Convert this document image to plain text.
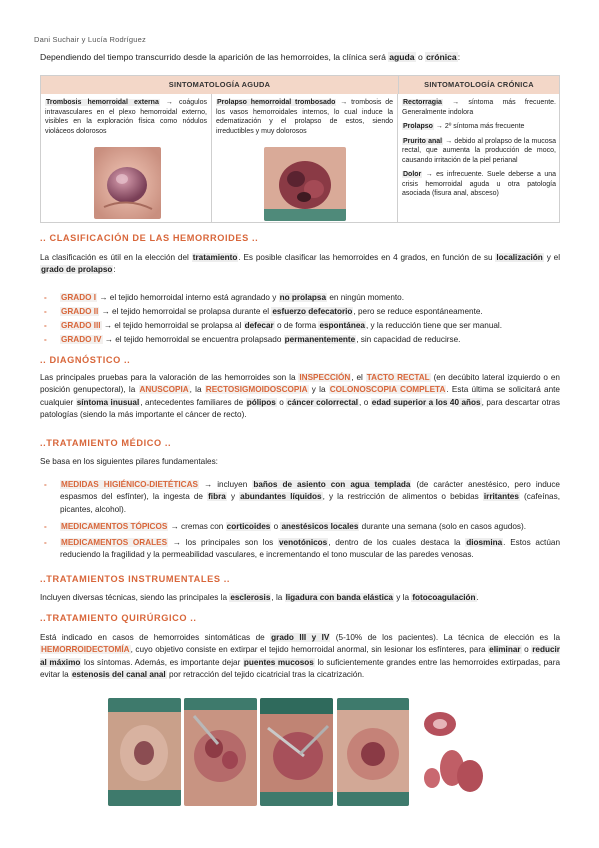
Dani Suchair y Lucía Rodríguez
Dependiendo del tiempo transcurrido desde la aparición de las hemorroides, la clínica será aguda o crónica:
SINTOMATOLOGÍA AGUDA	SINTOMATOLOGÍA CRÓNICA
Trombosis hemorroidal externa → coágulos intravasculares en el plexo hemorroidal externo, visibles en la exploración física como nódulos violáceos dolorosos
Prolapso hemorroidal trombosado → trombosis de los vasos hemorroidales internos, lo cual induce la edematización y el prolapso de estos, siendo irreductibles y muy dolorosos

Rectorragia → síntoma más frecuente. Generalmente indolora

Prolapso → 2º síntoma más frecuente

Prurito anal → debido al prolapso de la mucosa rectal, que aumenta la producción de moco, causando irritación de la piel perianal

Dolor → es infrecuente. Suele deberse a una crisis hemorroidal aguda u otra patología asociada (fisura anal, absceso)

.. CLASIFICACIÓN DE LAS HEMORROIDES ..
La clasificación es útil en la elección del tratamiento. Es posible clasificar las hemorroides en 4 grados, en función de su localización y el grado de prolapso:
- GRADO I → el tejido hemorroidal interno está agrandado y no prolapsa en ningún momento.
- GRADO II → el tejido hemorroidal se prolapsa durante el esfuerzo defecatorio, pero se reduce espontáneamente.
- GRADO III → el tejido hemorroidal se prolapsa al defecar o de forma espontánea, y la reducción tiene que ser manual.
- GRADO IV → el tejido hemorroidal se encuentra prolapsado permanentemente, sin capacidad de reducirse.
.. DIAGNÓSTICO ..
Las principales pruebas para la valoración de las hemorroides son la INSPECCIÓN, el TACTO RECTAL (en decúbito lateral izquierdo o en posición genupectoral), la ANUSCOPIA, la RECTOSIGMOIDOSCOPIA y la COLONOSCOPIA COMPLETA. Esta última se solicitará ante cualquier síntoma inusual, antecedentes familiares de pólipos o cáncer colorrectal, o edad superior a los 40 años, para descartar otras patologías (siendo la más importante el cáncer de recto).
..TRATAMIENTO MÉDICO ..
Se basa en los siguientes pilares fundamentales:
- MEDIDAS HIGIÉNICO-DIETÉTICAS → incluyen baños de asiento con agua templada (de carácter anestésico, pero induce espasmos del esfínter), la ingesta de fibra y abundantes líquidos, y la restricción de alimentos o bebidas irritantes (cafeínas, picantes, alcohol).
- MEDICAMENTOS TÓPICOS → cremas con corticoides o anestésicos locales durante una semana (solo en casos agudos).
- MEDICAMENTOS ORALES → los principales son los venotónicos, dentro de los cuales destaca la diosmina. Estos actúan reduciendo la fragilidad y la permeabilidad vasculares, e incrementando el tono muscular de las paredes venosas.
..TRATAMIENTOS INSTRUMENTALES ..
Incluyen diversas técnicas, siendo las principales la esclerosis, la ligadura con banda elástica y la fotocoagulación.
..TRATAMIENTO QUIRÚRGICO ..
Está indicado en casos de hemorroides sintomáticas de grado III y IV (5-10% de los pacientes). La técnica de elección es la HEMORROIDECTOMÍA, cuyo objetivo consiste en extirpar el tejido hemorroidal anormal, sin lesionar los esfínteres, para eliminar o reducir al máximo los síntomas. Además, es importante dejar puentes mucosos lo suficientemente grandes entre las hemorroides extirpadas, para evitar la estenosis del canal anal por retracción del tejido cicatricial tras la cicatrización.
